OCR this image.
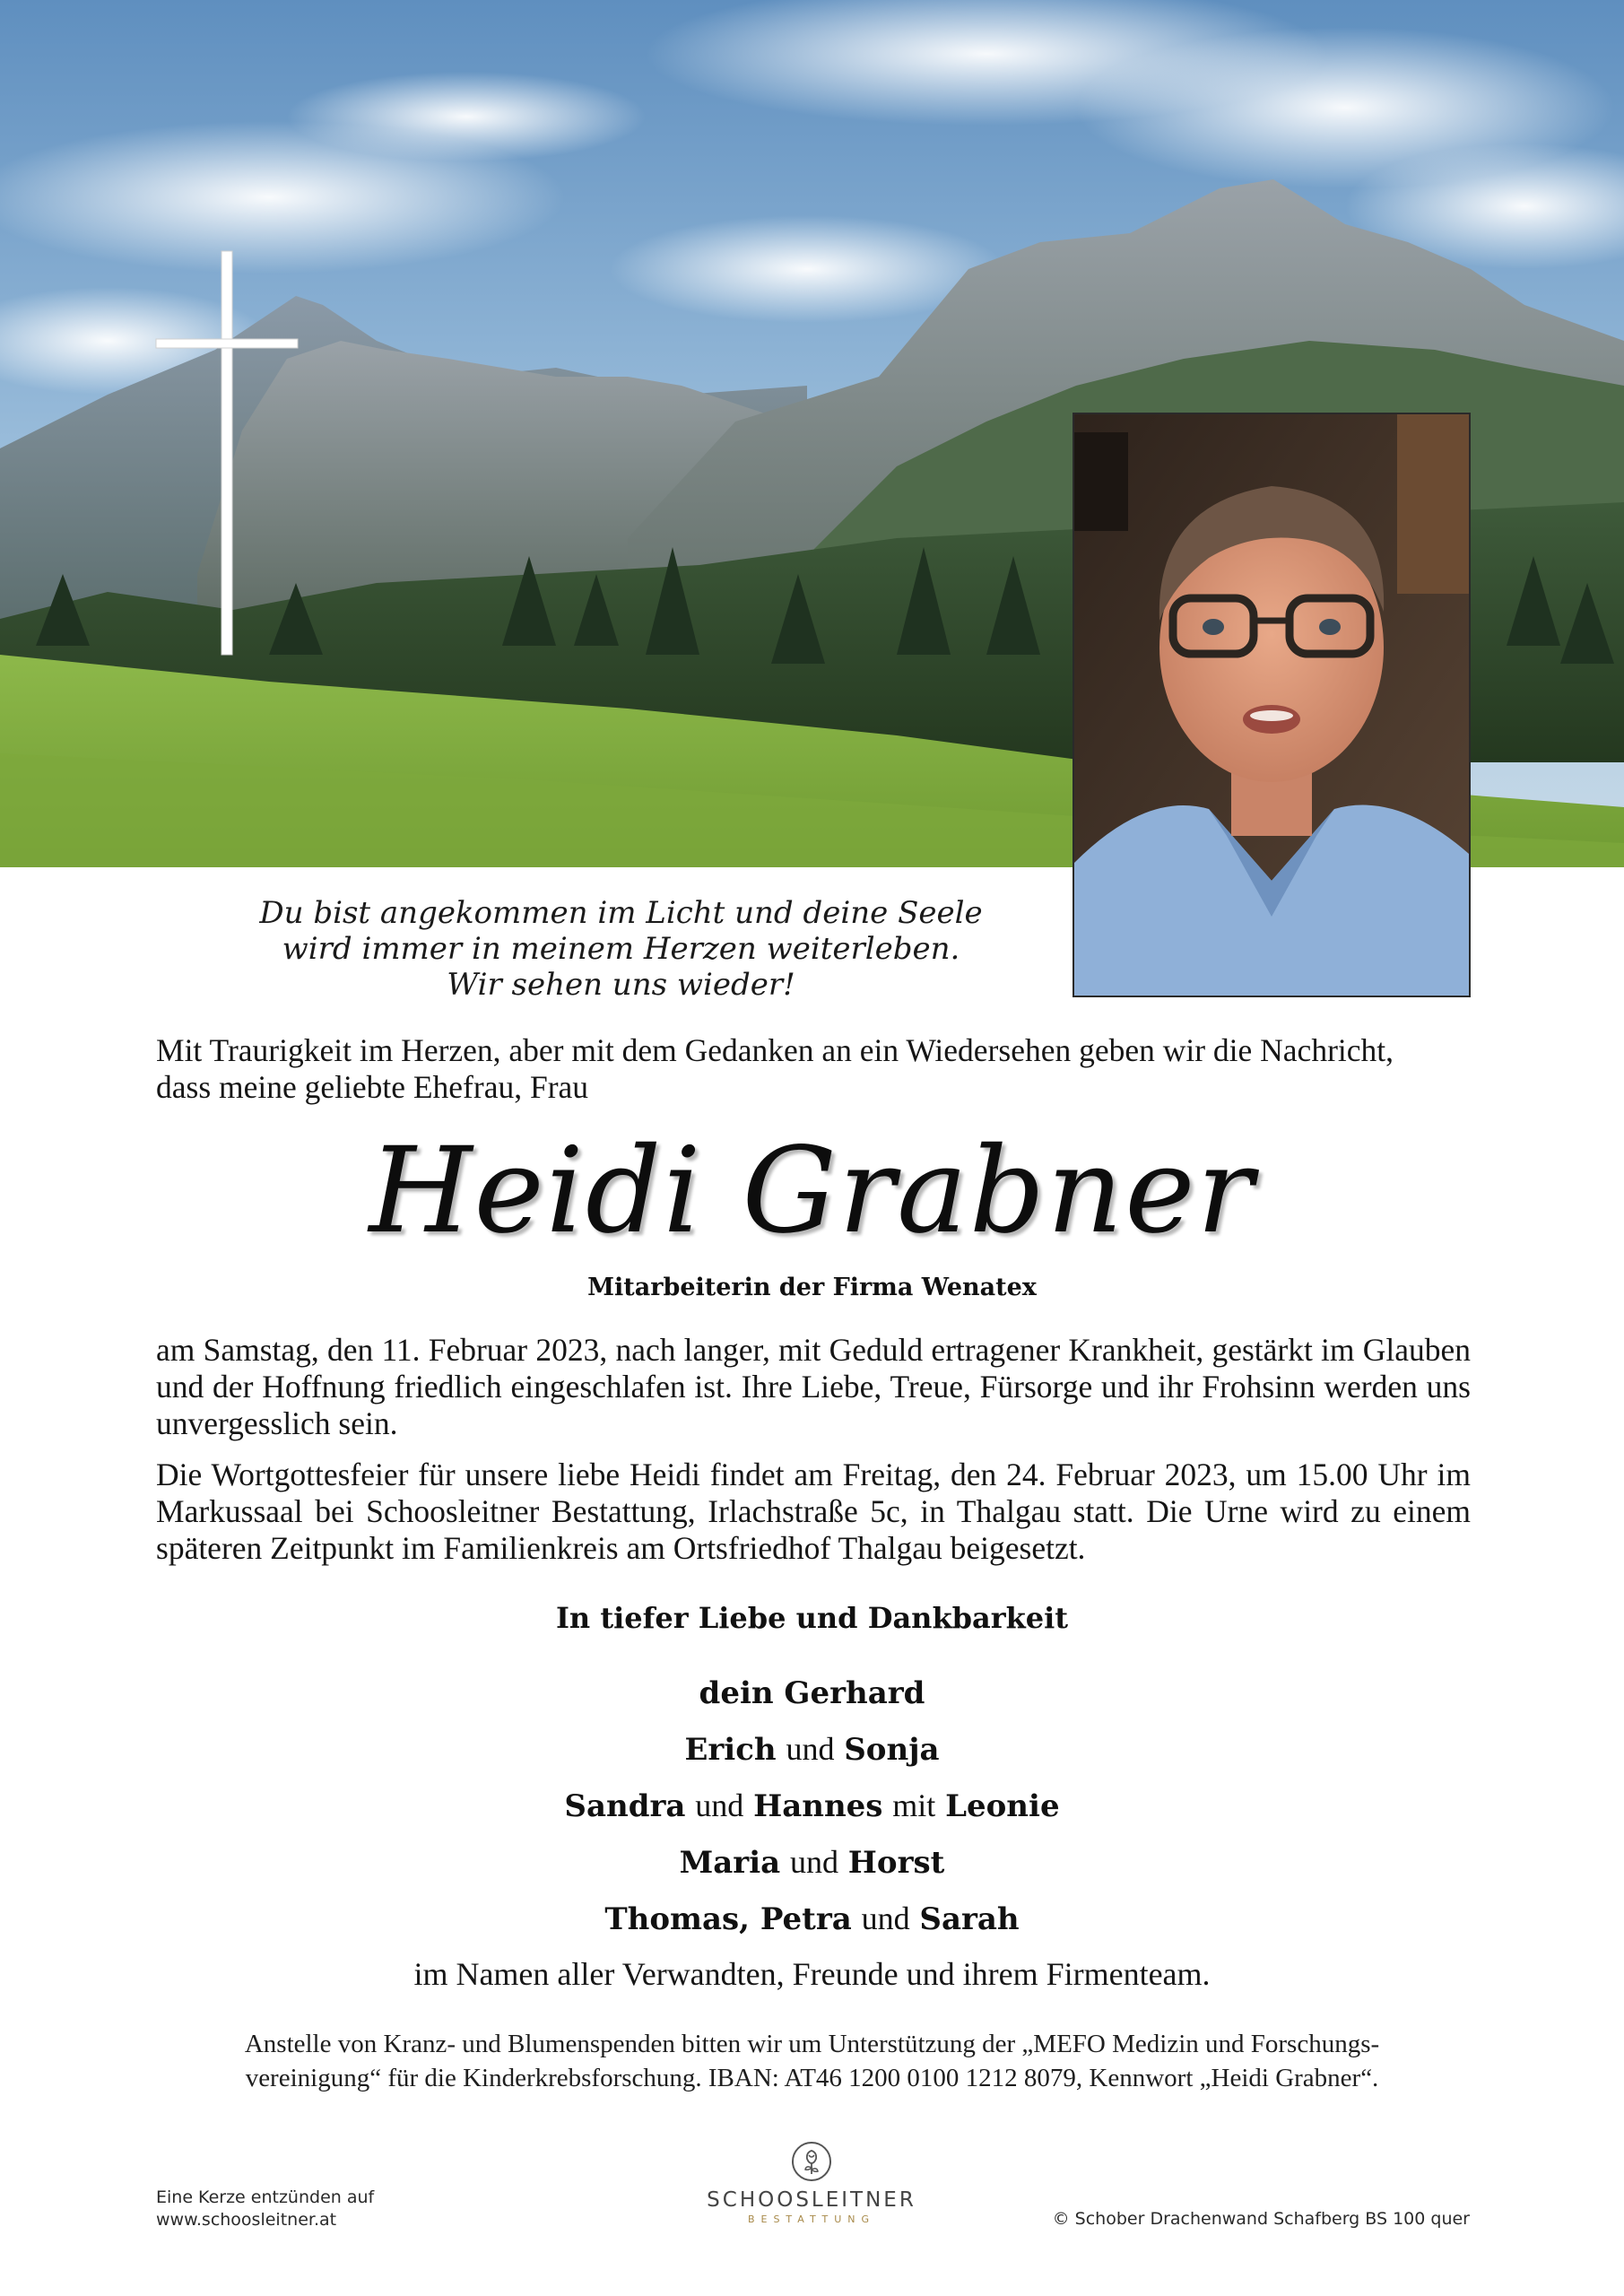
Du bist angekommen im Licht und deine Seele
wird immer in meinem Herzen weiterleben.
Wir sehen uns wieder!
Mit Traurigkeit im Herzen, aber mit dem Gedanken an ein Wiedersehen geben wir die Nachricht,
dass meine geliebte Ehefrau, Frau
Heidi Grabner
Mitarbeiterin der Firma Wenatex
am Samstag, den 11. Februar 2023, nach langer, mit Geduld ertragener Krankheit, gestärkt im Glauben und der Hoffnung friedlich eingeschlafen ist. Ihre Liebe, Treue, Fürsorge und ihr Frohsinn werden uns unvergesslich sein.
Die Wortgottesfeier für unsere liebe Heidi findet am Freitag, den 24. Februar 2023, um 15.00 Uhr im Markussaal bei Schoosleitner Bestattung, Irlachstraße 5c, in Thalgau statt. Die Urne wird zu einem späteren Zeitpunkt im Familienkreis am Ortsfriedhof Thalgau beigesetzt.
In tiefer Liebe und Dankbarkeit
dein Gerhard
Erich und Sonja
Sandra und Hannes mit Leonie
Maria und Horst
Thomas, Petra und Sarah
im Namen aller Verwandten, Freunde und ihrem Firmenteam.
Anstelle von Kranz- und Blumenspenden bitten wir um Unterstützung der „MEFO Medizin und Forschungs-
vereinigung“ für die Kinderkrebsforschung. IBAN: AT46 1200 0100 1212 8079, Kennwort „Heidi Grabner“.
Eine Kerze entzünden auf
www.schoosleitner.at
SCHOOSLEITNER
BESTATTUNG	© Schober Drachenwand Schafberg BS 100 quer
